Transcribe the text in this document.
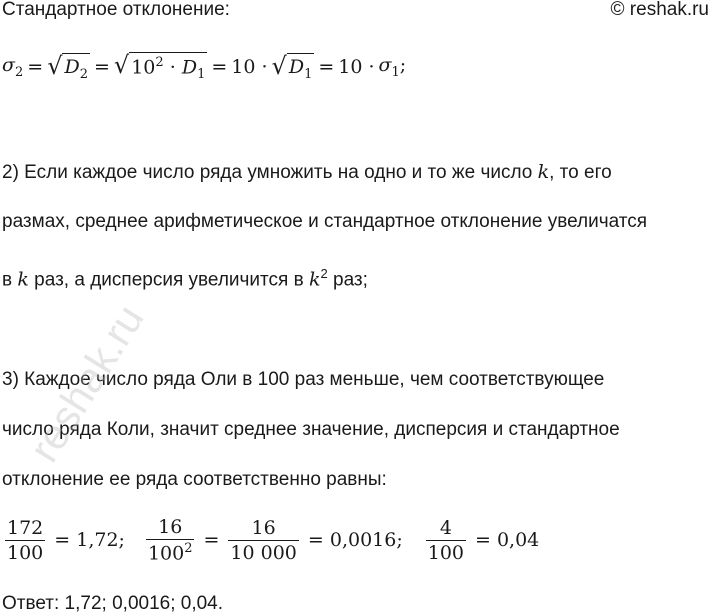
Стандартное отклонение:	© reshak.ru
$\sigma_2$ = √ $D_2$ = √ $10^2 \cdot D_1 = 10$ · √ $D_1 = 10 \cdot \sigma_1$;
2) Если каждое число ряда умножить на одно и то же число k, то его
размах, среднее арифметическое и стандартное отклонение увеличатся
в k раз, а дисперсия увеличится в $k^2$ раз;
3) Каждое число ряда Оли в 100 раз меньше, чем соответствующее
число ряда Коли, значит среднее значение, дисперсия и стандартное
отклонение ее ряда соответственно равны:
$\frac{172}{100} = 1,72$; $\frac{16}{100^2} = \frac{16}{10 000} = 0,0016$; $\frac{4}{100} = 0,04$
Ответ: 1,72; 0,0016; 0,04.
reshak.ru
